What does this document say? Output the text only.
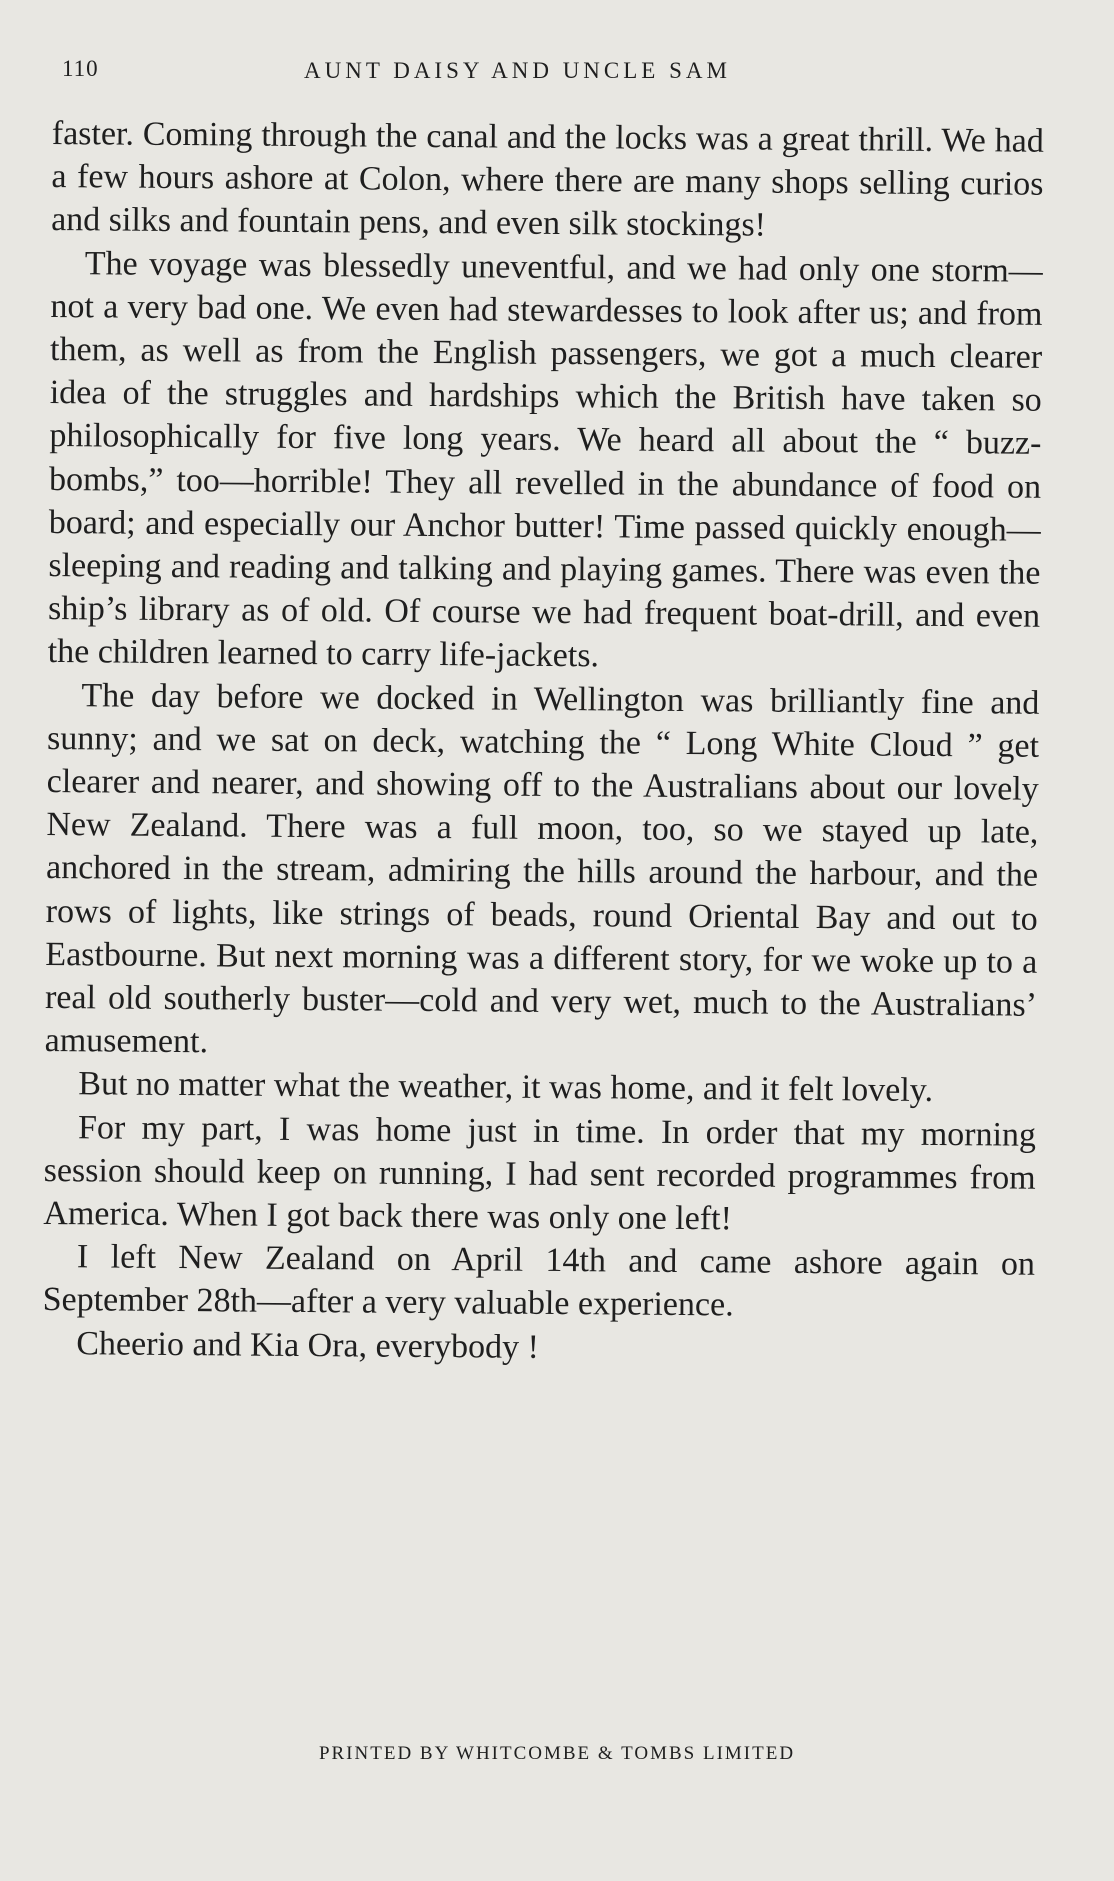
110	AUNT DAISY AND UNCLE SAM

faster. Coming through the canal and the locks was a great thrill. We had a few hours ashore at Colon, where there are many shops selling curios and silks and fountain pens, and even silk stockings!

The voyage was blessedly uneventful, and we had only one storm—not a very bad one. We even had stewardesses to look after us; and from them, as well as from the English passengers, we got a much clearer idea of the struggles and hardships which the British have taken so philosophically for five long years. We heard all about the “ buzz-bombs,” too—horrible! They all revelled in the abundance of food on board; and especially our Anchor butter! Time passed quickly enough—sleeping and reading and talking and playing games. There was even the ship’s library as of old. Of course we had frequent boat-drill, and even the children learned to carry life-jackets.

The day before we docked in Wellington was brilliantly fine and sunny; and we sat on deck, watching the “ Long White Cloud ” get clearer and nearer, and showing off to the Australians about our lovely New Zealand. There was a full moon, too, so we stayed up late, anchored in the stream, admiring the hills around the harbour, and the rows of lights, like strings of beads, round Oriental Bay and out to Eastbourne. But next morning was a different story, for we woke up to a real old southerly buster—cold and very wet, much to the Australians’ amusement.

But no matter what the weather, it was home, and it felt lovely.

For my part, I was home just in time. In order that my morning session should keep on running, I had sent recorded programmes from America. When I got back there was only one left!

I left New Zealand on April 14th and came ashore again on September 28th—after a very valuable experience.

Cheerio and Kia Ora, everybody !

PRINTED BY WHITCOMBE & TOMBS LIMITED
